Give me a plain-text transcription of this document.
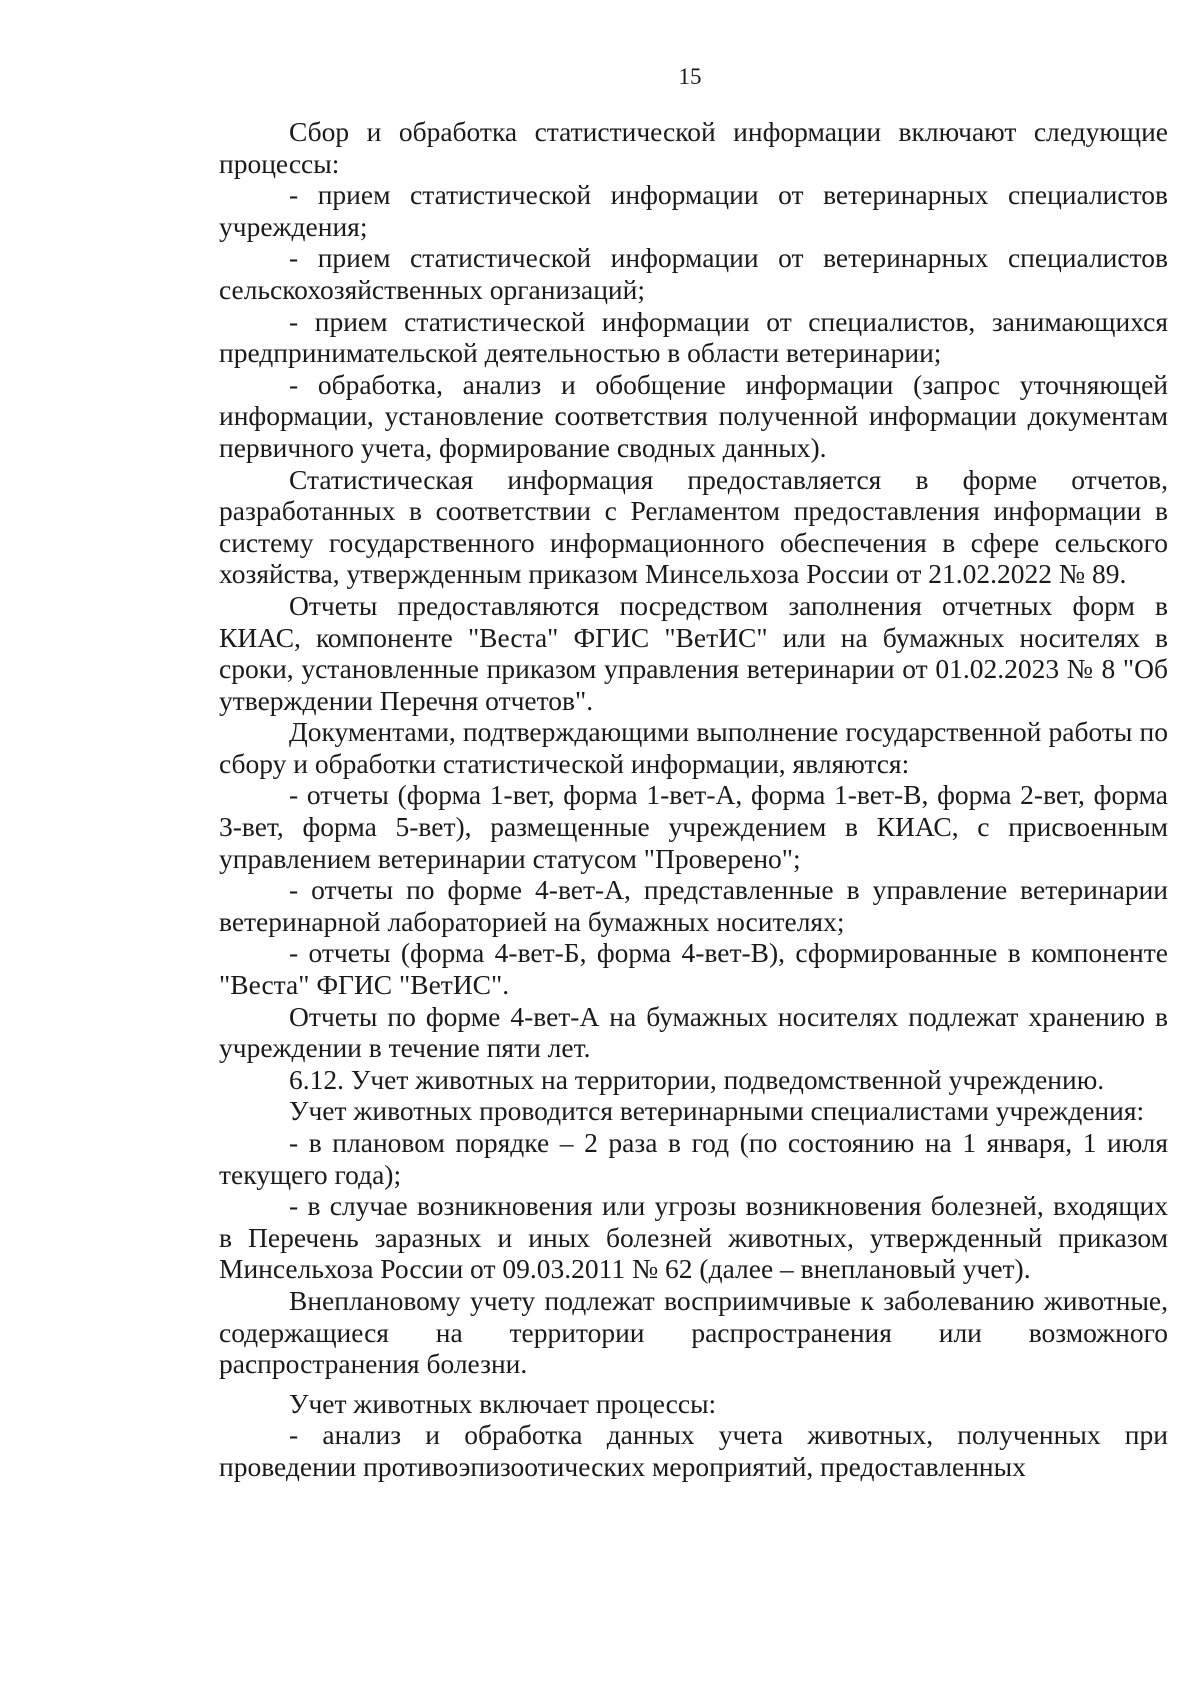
15

Сбор и обработка статистической информации включают следующие процессы:

- прием статистической информации от ветеринарных специалистов учреждения;

- прием статистической информации от ветеринарных специалистов сельскохозяйственных организаций;

- прием статистической информации от специалистов, занимающихся предпринимательской деятельностью в области ветеринарии;

- обработка, анализ и обобщение информации (запрос уточняющей информации, установление соответствия полученной информации документам первичного учета, формирование сводных данных).

Статистическая информация предоставляется в форме отчетов, разработанных в соответствии с Регламентом предоставления информации в систему государственного информационного обеспечения в сфере сельского хозяйства, утвержденным приказом Минсельхоза России от 21.02.2022 № 89.

Отчеты предоставляются посредством заполнения отчетных форм в КИАС, компоненте "Веста" ФГИС "ВетИС" или на бумажных носителях в сроки, установленные приказом управления ветеринарии от 01.02.2023 № 8 "Об утверждении Перечня отчетов".

Документами, подтверждающими выполнение государственной работы по сбору и обработки статистической информации, являются:

- отчеты (форма 1-вет, форма 1-вет-А, форма 1-вет-В, форма 2-вет, форма 3-вет, форма 5-вет), размещенные учреждением в КИАС, с присвоенным управлением ветеринарии статусом "Проверено";

- отчеты по форме 4-вет-А, представленные в управление ветеринарии ветеринарной лабораторией на бумажных носителях;

- отчеты (форма 4-вет-Б, форма 4-вет-В), сформированные в компоненте "Веста" ФГИС "ВетИС".

Отчеты по форме 4-вет-А на бумажных носителях подлежат хранению в учреждении в течение пяти лет.

6.12. Учет животных на территории, подведомственной учреждению.

Учет животных проводится ветеринарными специалистами учреждения:

- в плановом порядке – 2 раза в год (по состоянию на 1 января, 1 июля текущего года);

- в случае возникновения или угрозы возникновения болезней, входящих в Перечень заразных и иных болезней животных, утвержденный приказом Минсельхоза России от 09.03.2011 № 62 (далее – внеплановый учет).

Внеплановому учету подлежат восприимчивые к заболеванию животные, содержащиеся на территории распространения или возможного распространения болезни.

Учет животных включает процессы:

- анализ и обработка данных учета животных, полученных при проведении противоэпизоотических мероприятий, предоставленных
